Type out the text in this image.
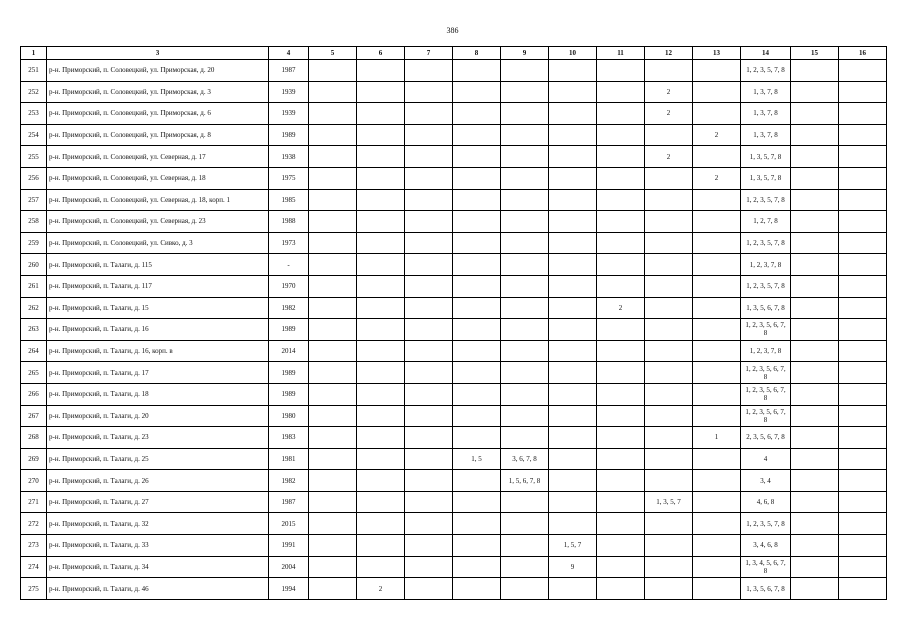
386
1	3	4	5	6	7	8	9	10	11	12	13	14	15	16
251	р-н. Приморский, п. Соловецкий, ул. Приморская, д. 20	1987										1, 2, 3, 5, 7, 8		
252	р-н. Приморский, п. Соловецкий, ул. Приморская, д. 3	1939								2		1, 3, 7, 8		
253	р-н. Приморский, п. Соловецкий, ул. Приморская, д. 6	1939								2		1, 3, 7, 8		
254	р-н. Приморский, п. Соловецкий, ул. Приморская, д. 8	1989									2	1, 3, 7, 8		
255	р-н. Приморский, п. Соловецкий, ул. Северная, д. 17	1938								2		1, 3, 5, 7, 8		
256	р-н. Приморский, п. Соловецкий, ул. Северная, д. 18	1975									2	1, 3, 5, 7, 8		
257	р-н. Приморский, п. Соловецкий, ул. Северная, д. 18, корп. 1	1985										1, 2, 3, 5, 7, 8		
258	р-н. Приморский, п. Соловецкий, ул. Северная, д. 23	1988										1, 2, 7, 8		
259	р-н. Приморский, п. Соловецкий, ул. Сивко, д. 3	1973										1, 2, 3, 5, 7, 8		
260	р-н. Приморский, п. Талаги, д. 115	-										1, 2, 3, 7, 8		
261	р-н. Приморский, п. Талаги, д. 117	1970										1, 2, 3, 5, 7, 8		
262	р-н. Приморский, п. Талаги, д. 15	1982							2			1, 3, 5, 6, 7, 8		
263	р-н. Приморский, п. Талаги, д. 16	1989										1, 2, 3, 5, 6, 7, 8		
264	р-н. Приморский, п. Талаги, д. 16, корп. в	2014										1, 2, 3, 7, 8		
265	р-н. Приморский, п. Талаги, д. 17	1989										1, 2, 3, 5, 6, 7, 8		
266	р-н. Приморский, п. Талаги, д. 18	1989										1, 2, 3, 5, 6, 7, 8		
267	р-н. Приморский, п. Талаги, д. 20	1980										1, 2, 3, 5, 6, 7, 8		
268	р-н. Приморский, п. Талаги, д. 23	1983									1	2, 3, 5, 6, 7, 8		
269	р-н. Приморский, п. Талаги, д. 25	1981				1, 5	3, 6, 7, 8					4		
270	р-н. Приморский, п. Талаги, д. 26	1982					1, 5, 6, 7, 8					3, 4		
271	р-н. Приморский, п. Талаги, д. 27	1987								1, 3, 5, 7		4, 6, 8		
272	р-н. Приморский, п. Талаги, д. 32	2015										1, 2, 3, 5, 7, 8		
273	р-н. Приморский, п. Талаги, д. 33	1991						1, 5, 7				3, 4, 6, 8		
274	р-н. Приморский, п. Талаги, д. 34	2004						9				1, 3, 4, 5, 6, 7, 8		
275	р-н. Приморский, п. Талаги, д. 46	1994		2								1, 3, 5, 6, 7, 8		
